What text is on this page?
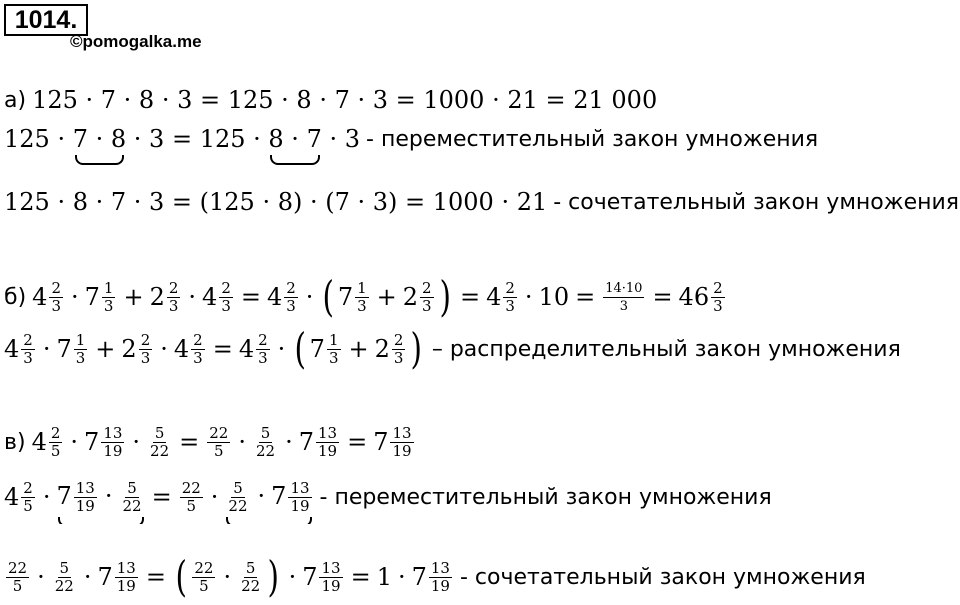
1014.
©pomogalka.me
а) 125 · 7 · 8 · 3 = 125 · 8 · 7 · 3 = 1000 · 21 = 21 000
125 ·
7 · 8
· 3 = 125 ·
8 · 7
· 3 - переместительный закон умножения
125 · 8 · 7 · 3 = (125 · 8) · (7 · 3) = 1000 · 21 - сочетательный закон умножения
б) $4 \frac{2}{3} \cdot 7 \frac{1}{3} + 2 \frac{2}{3} \cdot 4 \frac{2}{3} = 4 \frac{2}{3}$ · ( $7 \frac{1}{3} + 2 \frac{2}{3}$ ) = $4 \frac{2}{3} \cdot 10 = \frac{14\cdot 10}{3} = 46 \frac{2}{3}$
$4 \frac{2}{3} \cdot 7 \frac{1}{3} + 2 \frac{2}{3} \cdot 4 \frac{2}{3} = 4 \frac{2}{3}$ · ( $7 \frac{1}{3} + 2 \frac{2}{3}$ ) – распределительный закон умножения
в) $4 \frac{2}{5} \cdot 7 \frac{13}{19} \cdot \frac{5}{22} = \frac{22}{5} \cdot \frac{5}{22} \cdot 7 \frac{13}{19} = 7 \frac{13}{19}$
$4 \frac{2}{5} \cdot 7 \frac{13}{19} \cdot \frac{5}{22} = \frac{22}{5} \cdot \frac{5}{22} \cdot 7 \frac{13}{19}$ - переместительный закон умножения
$\frac{22}{5} \cdot \frac{5}{22} \cdot 7 \frac{13}{19}$ = ( $\frac{22}{5} \cdot \frac{5}{22}$ ) · $7 \frac{13}{19} = 1 \cdot 7 \frac{13}{19}$ - сочетательный закон умножения
